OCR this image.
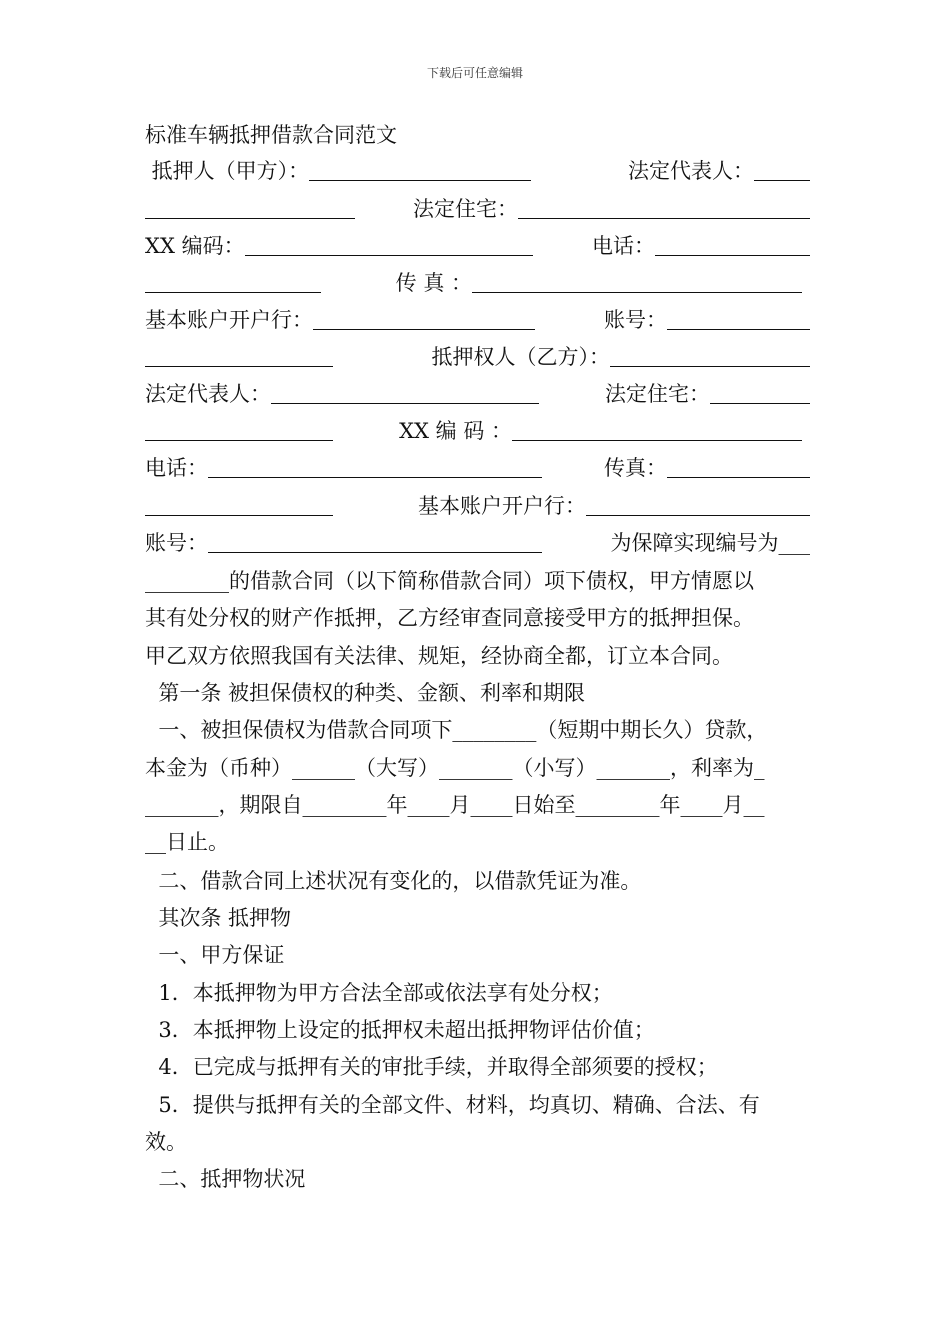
下载后可任意编辑
标准车辆抵押借款合同范文
抵押人（甲方）：	法定代表人：
法定住宅：
XX 编码：	电话：
传 真 ：
基本账户开户行：	账号：
抵押权人（乙方）：
法定代表人：	法定住宅：
XX 编 码 ：
电话：	传真：
基本账户开户行：
账号：	为保障实现编号为___
________的借款合同（以下简称借款合同）项下债权，甲方情愿以
其有处分权的财产作抵押，乙方经审查同意接受甲方的抵押担保。
甲乙双方依照我国有关法律、规矩，经协商全都，订立本合同。
第一条 被担保债权的种类、金额、利率和期限
一、被担保债权为借款合同项下________（短期中期长久）贷款，
本金为（币种）______（大写）_______（小写）_______，利率为_
_______，期限自________年____月____日始至________年____月__
__日止。
二、借款合同上述状况有变化的，以借款凭证为准。
其次条 抵押物
一、甲方保证
1．本抵押物为甲方合法全部或依法享有处分权；
3．本抵押物上设定的抵押权未超出抵押物评估价值；
4．已完成与抵押有关的审批手续，并取得全部须要的授权；
5．提供与抵押有关的全部文件、材料，均真切、精确、合法、有
效。
二、抵押物状况
